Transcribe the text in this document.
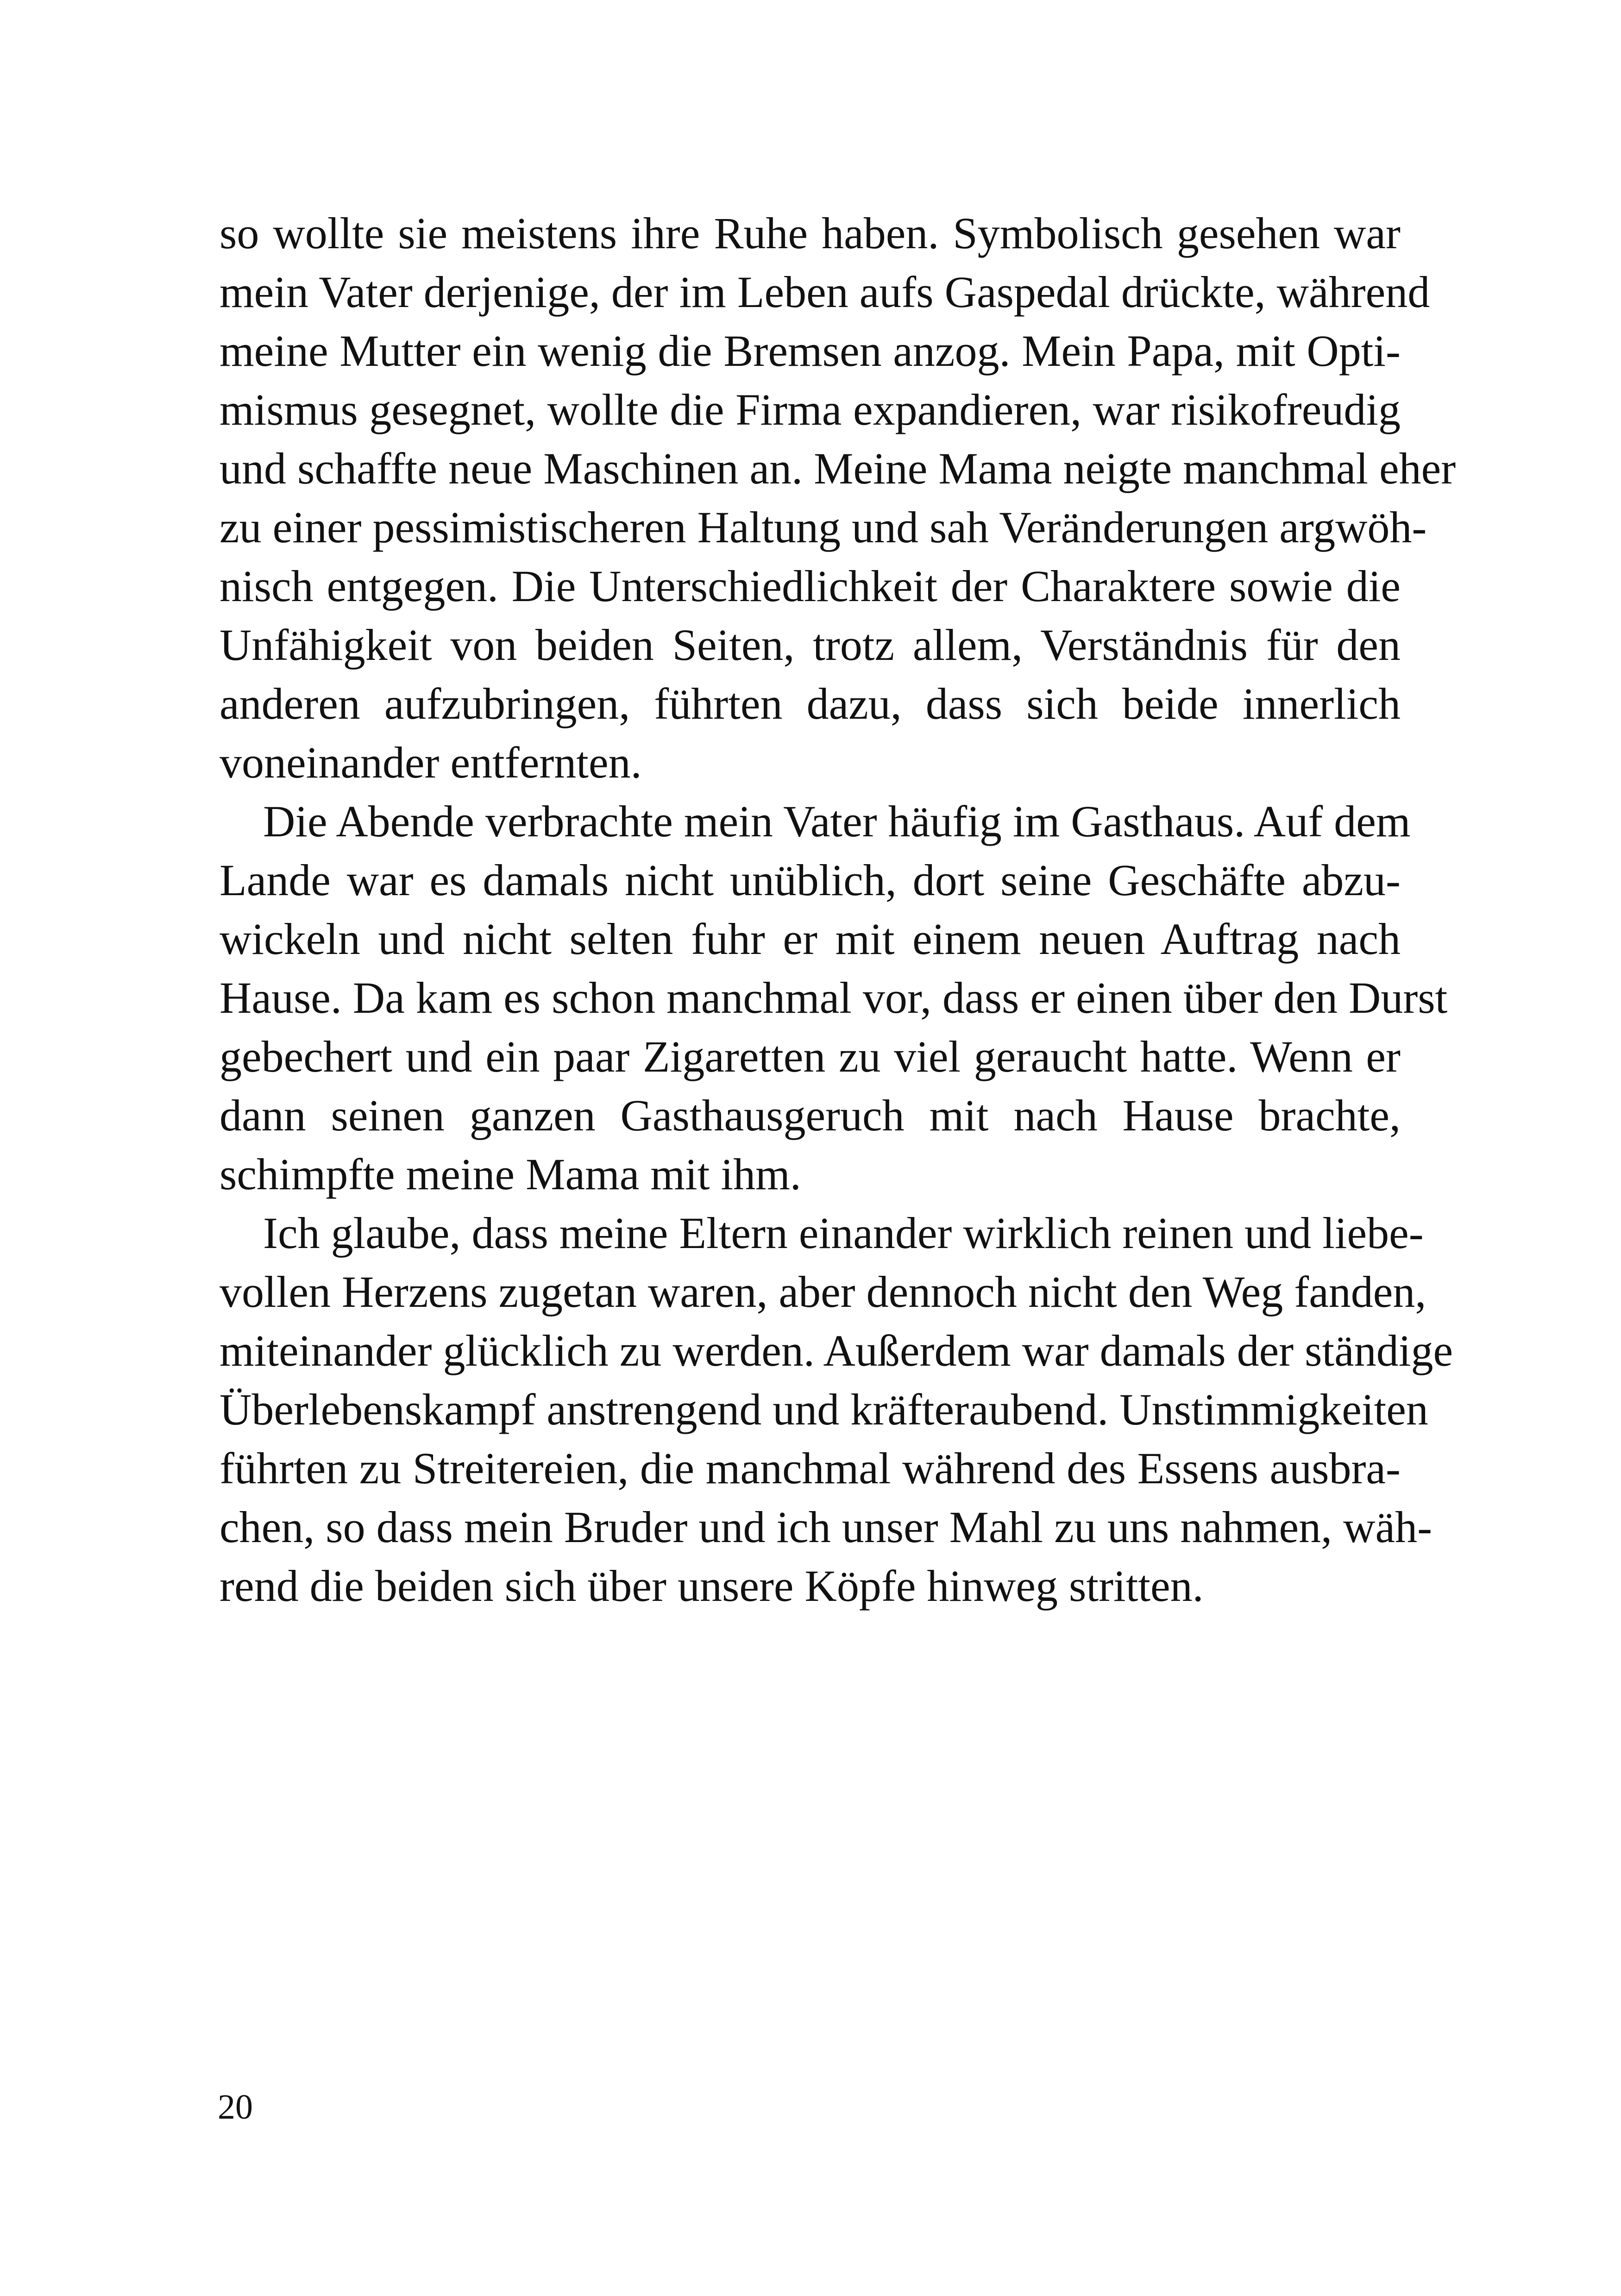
so wollte sie meistens ihre Ruhe haben. Symbolisch gesehen war
mein Vater derjenige, der im Leben aufs Gaspedal drückte, während
meine Mutter ein wenig die Bremsen anzog. Mein Papa, mit Opti-
mismus gesegnet, wollte die Firma expandieren, war risikofreudig
und schaffte neue Maschinen an. Meine Mama neigte manchmal eher
zu einer pessimistischeren Haltung und sah Veränderungen argwöh-
nisch entgegen. Die Unterschiedlichkeit der Charaktere sowie die
Unfähigkeit von beiden Seiten, trotz allem, Verständnis für den
anderen aufzubringen, führten dazu, dass sich beide innerlich
voneinander entfernten.
Die Abende verbrachte mein Vater häufig im Gasthaus. Auf dem
Lande war es damals nicht unüblich, dort seine Geschäfte abzu-
wickeln und nicht selten fuhr er mit einem neuen Auftrag nach
Hause. Da kam es schon manchmal vor, dass er einen über den Durst
gebechert und ein paar Zigaretten zu viel geraucht hatte. Wenn er
dann seinen ganzen Gasthausgeruch mit nach Hause brachte,
schimpfte meine Mama mit ihm.
Ich glaube, dass meine Eltern einander wirklich reinen und liebe-
vollen Herzens zugetan waren, aber dennoch nicht den Weg fanden,
miteinander glücklich zu werden. Außerdem war damals der ständige
Überlebenskampf anstrengend und kräfteraubend. Unstimmigkeiten
führten zu Streitereien, die manchmal während des Essens ausbra-
chen, so dass mein Bruder und ich unser Mahl zu uns nahmen, wäh-
rend die beiden sich über unsere Köpfe hinweg stritten.
20
